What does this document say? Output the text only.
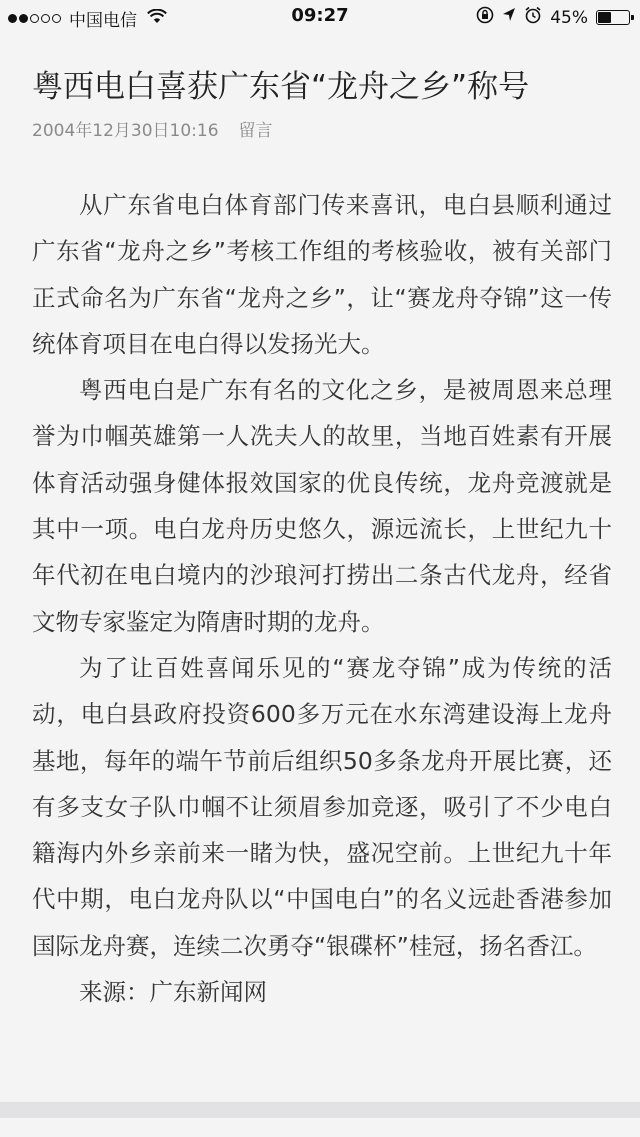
中国电信	09:27	45%
粤西电白喜获广东省“龙舟之乡”称号
2004年12月30日10:16 留言

从广东省电白体育部门传来喜讯，电白县顺利通过广东省“龙舟之乡”考核工作组的考核验收，被有关部门正式命名为广东省“龙舟之乡”，让“赛龙舟夺锦”这一传统体育项目在电白得以发扬光大。

粤西电白是广东有名的文化之乡，是被周恩来总理誉为巾帼英雄第一人冼夫人的故里，当地百姓素有开展体育活动强身健体报效国家的优良传统，龙舟竞渡就是其中一项。电白龙舟历史悠久，源远流长，上世纪九十年代初在电白境内的沙琅河打捞出二条古代龙舟，经省文物专家鉴定为隋唐时期的龙舟。

为了让百姓喜闻乐见的“赛龙夺锦”成为传统的活动，电白县政府投资600多万元在水东湾建设海上龙舟基地，每年的端午节前后组织50多条龙舟开展比赛，还有多支女子队巾帼不让须眉参加竞逐，吸引了不少电白籍海内外乡亲前来一睹为快，盛况空前。上世纪九十年代中期，电白龙舟队以“中国电白”的名义远赴香港参加国际龙舟赛，连续二次勇夺“银碟杯”桂冠，扬名香江。

来源：广东新闻网
